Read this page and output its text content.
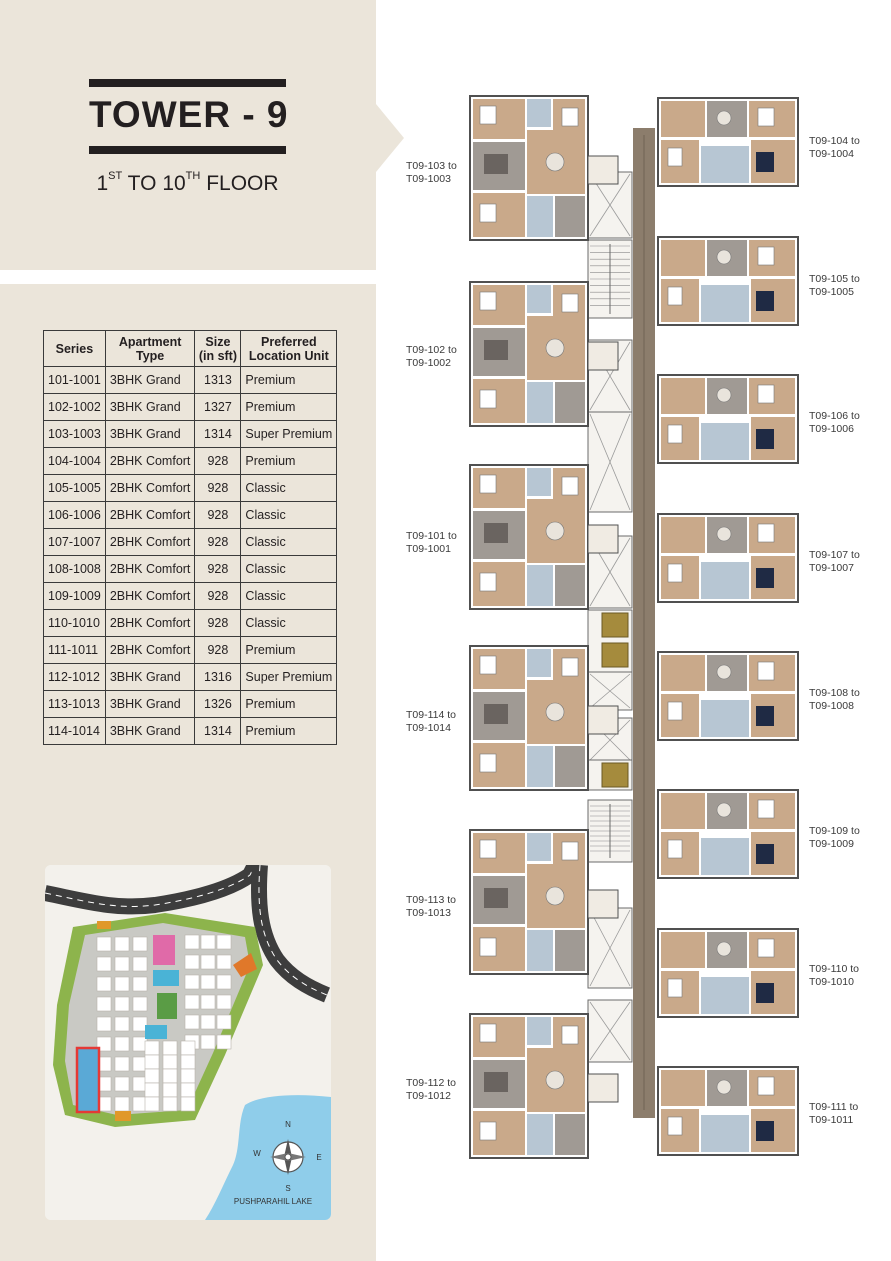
TOWER - 9
1ST TO 10TH FLOOR
Series	Apartment Type	Size (in sft)	Preferred Location Unit
101-1001	3BHK Grand	1313	Premium
102-1002	3BHK Grand	1327	Premium
103-1003	3BHK Grand	1314	Super Premium
104-1004	2BHK Comfort	928	Premium
105-1005	2BHK Comfort	928	Classic
106-1006	2BHK Comfort	928	Classic
107-1007	2BHK Comfort	928	Classic
108-1008	2BHK Comfort	928	Classic
109-1009	2BHK Comfort	928	Classic
110-1010	2BHK Comfort	928	Classic
111-1011	2BHK Comfort	928	Premium
112-1012	3BHK Grand	1316	Super Premium
113-1013	3BHK Grand	1326	Premium
114-1014	3BHK Grand	1314	Premium
N
S
E
W
PUSHPARAHIL LAKE
T09-103 to
T09-1003
T09-102 to
T09-1002
T09-101 to
T09-1001
T09-114 to
T09-1014
T09-113 to
T09-1013
T09-112 to
T09-1012
T09-104 to
T09-1004
T09-105 to
T09-1005
T09-106 to
T09-1006
T09-107 to
T09-1007
T09-108 to
T09-1008
T09-109 to
T09-1009
T09-110 to
T09-1010
T09-111 to
T09-1011
